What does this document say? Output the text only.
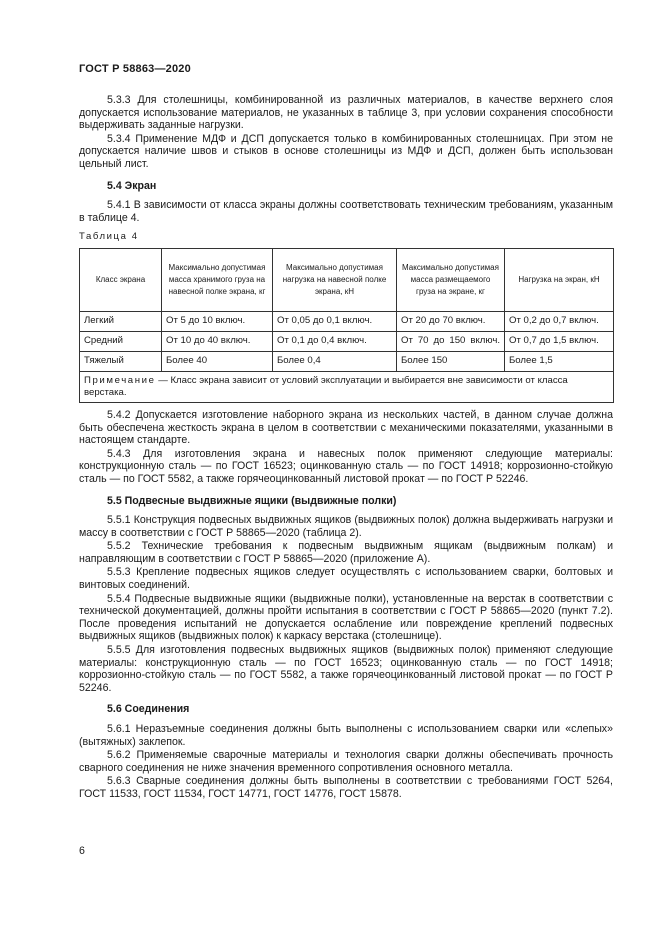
ГОСТ Р 58863—2020

5.3.3 Для столешницы, комбинированной из различных материалов, в качестве верхнего слоя допускается использование материалов, не указанных в таблице 3, при условии сохранения способности выдерживать заданные нагрузки.

5.3.4 Применение МДФ и ДСП допускается только в комбинированных столешницах. При этом не допускается наличие швов и стыков в основе столешницы из МДФ и ДСП, должен быть использован цельный лист.

5.4 Экран

5.4.1 В зависимости от класса экраны должны соответствовать техническим требованиям, указанным в таблице 4.

Таблица 4
Класс экрана	Максимально допустимая масса хранимого груза на навесной полке экрана, кг	Максимально допустимая нагрузка на навесной полке экрана, кН	Максимально допустимая масса размещаемого груза на экране, кг	Нагрузка на экран, кН
Легкий	От 5 до 10 включ.	От 0,05 до 0,1 включ.	От 20 до 70 включ.	От 0,2 до 0,7 включ.
Средний	От 10 до 40 включ.	От 0,1 до 0,4 включ.	От 70 до 150 включ.	От 0,7 до 1,5 включ.
Тяжелый	Более 40	Более 0,4	Более 150	Более 1,5
Примечание — Класс экрана зависит от условий эксплуатации и выбирается вне зависимости от класса верстака.				

5.4.2 Допускается изготовление наборного экрана из нескольких частей, в данном случае должна быть обеспечена жесткость экрана в целом в соответствии с механическими показателями, указанными в настоящем стандарте.

5.4.3 Для изготовления экрана и навесных полок применяют следующие материалы: конструкционную сталь — по ГОСТ 16523; оцинкованную сталь — по ГОСТ 14918; коррозионно-стойкую сталь — по ГОСТ 5582, а также горячеоцинкованный листовой прокат — по ГОСТ Р 52246.

5.5 Подвесные выдвижные ящики (выдвижные полки)

5.5.1 Конструкция подвесных выдвижных ящиков (выдвижных полок) должна выдерживать нагрузки и массу в соответствии с ГОСТ Р 58865—2020 (таблица 2).

5.5.2 Технические требования к подвесным выдвижным ящикам (выдвижным полкам) и направляющим в соответствии с ГОСТ Р 58865—2020 (приложение А).

5.5.3 Крепление подвесных ящиков следует осуществлять с использованием сварки, болтовых и винтовых соединений.

5.5.4 Подвесные выдвижные ящики (выдвижные полки), установленные на верстак в соответствии с технической документацией, должны пройти испытания в соответствии с ГОСТ Р 58865—2020 (пункт 7.2). После проведения испытаний не допускается ослабление или повреждение креплений подвесных выдвижных ящиков (выдвижных полок) к каркасу верстака (столешнице).

5.5.5 Для изготовления подвесных выдвижных ящиков (выдвижных полок) применяют следующие материалы: конструкционную сталь — по ГОСТ 16523; оцинкованную сталь — по ГОСТ 14918; коррозионно-стойкую сталь — по ГОСТ 5582, а также горячеоцинкованный листовой прокат — по ГОСТ Р 52246.

5.6 Соединения

5.6.1 Неразъемные соединения должны быть выполнены с использованием сварки или «слепых» (вытяжных) заклепок.

5.6.2 Применяемые сварочные материалы и технология сварки должны обеспечивать прочность сварного соединения не ниже значения временного сопротивления основного металла.

5.6.3 Сварные соединения должны быть выполнены в соответствии с требованиями ГОСТ 5264, ГОСТ 11533, ГОСТ 11534, ГОСТ 14771, ГОСТ 14776, ГОСТ 15878.

6
